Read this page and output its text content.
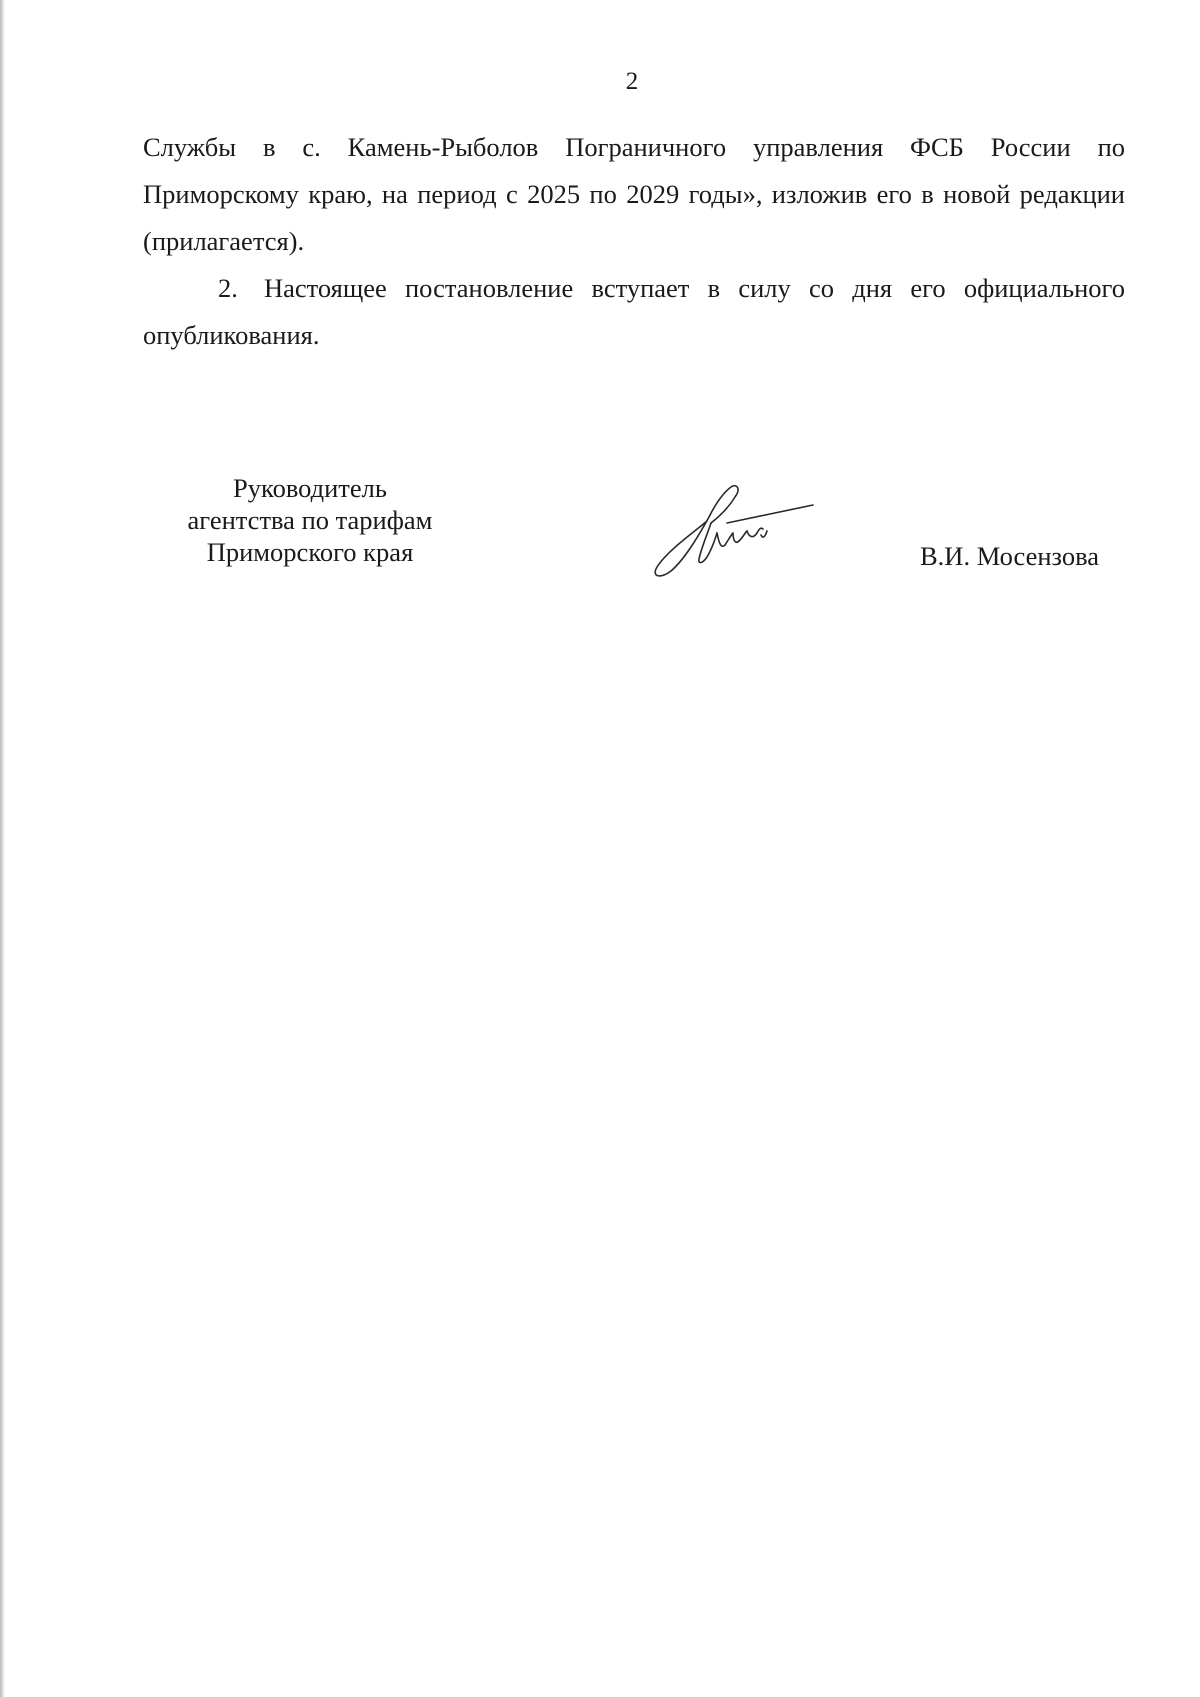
2

Службы в с. Камень-Рыболов Пограничного управления ФСБ России по Приморскому краю, на период с 2025 по 2029 годы», изложив его в новой редакции (прилагается).

2. Настоящее постановление вступает в силу со дня его официального опубликования.

Руководитель
агентства по тарифам
Приморского края	В.И. Мосензова
